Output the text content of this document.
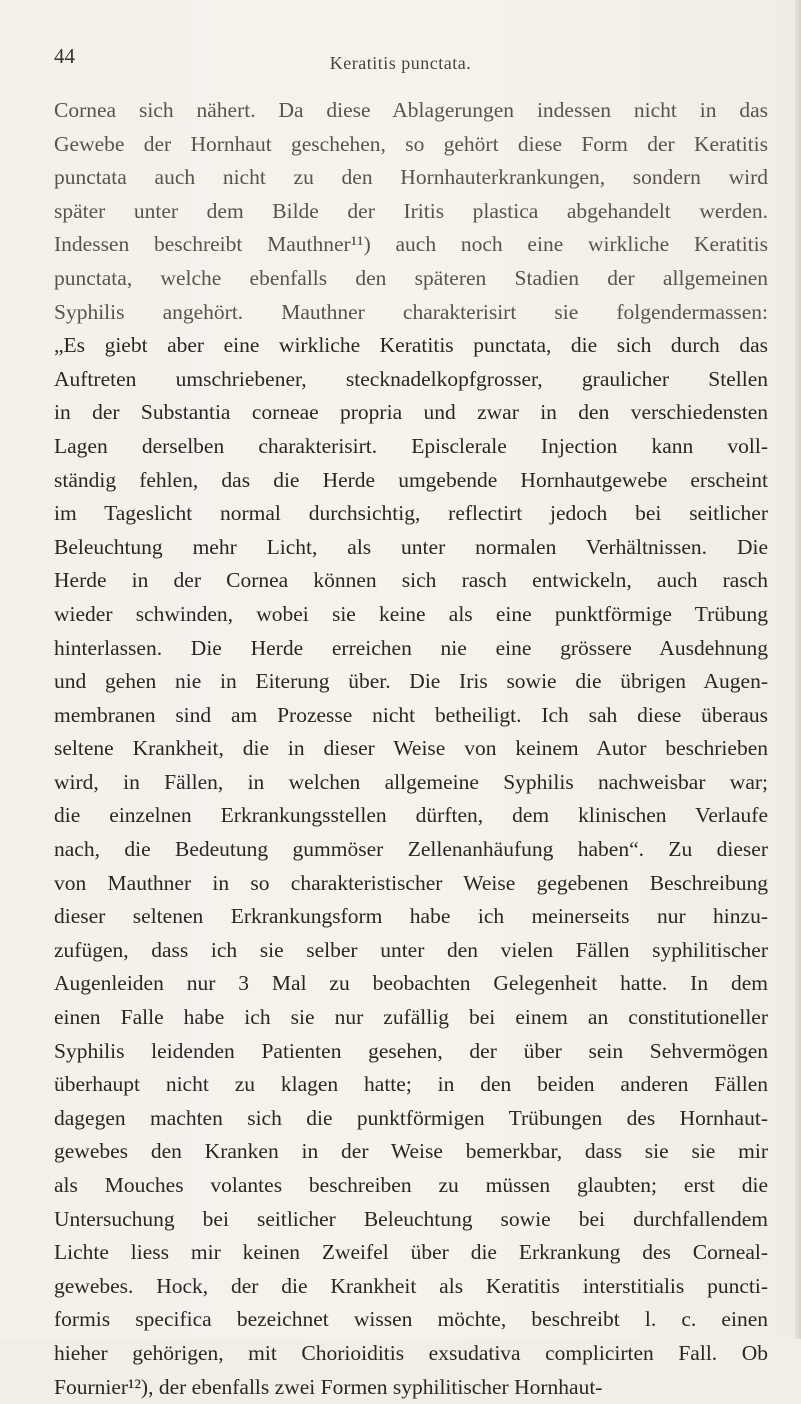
44	Keratitis punctata.
Cornea sich nähert. Da diese Ablagerungen indessen nicht in das
Gewebe der Hornhaut geschehen, so gehört diese Form der Keratitis
punctata auch nicht zu den Hornhauterkrankungen, sondern wird
später unter dem Bilde der Iritis plastica abgehandelt werden.
Indessen beschreibt Mauthner¹¹) auch noch eine wirkliche Keratitis
punctata, welche ebenfalls den späteren Stadien der allgemeinen
Syphilis angehört. Mauthner charakterisirt sie folgendermassen:
„Es giebt aber eine wirkliche Keratitis punctata, die sich durch das
Auftreten umschriebener, stecknadelkopfgrosser, graulicher Stellen
in der Substantia corneae propria und zwar in den verschiedensten
Lagen derselben charakterisirt. Episclerale Injection kann voll-
ständig fehlen, das die Herde umgebende Hornhautgewebe erscheint
im Tageslicht normal durchsichtig, reflectirt jedoch bei seitlicher
Beleuchtung mehr Licht, als unter normalen Verhältnissen. Die
Herde in der Cornea können sich rasch entwickeln, auch rasch
wieder schwinden, wobei sie keine als eine punktförmige Trübung
hinterlassen. Die Herde erreichen nie eine grössere Ausdehnung
und gehen nie in Eiterung über. Die Iris sowie die übrigen Augen-
membranen sind am Prozesse nicht betheiligt. Ich sah diese überaus
seltene Krankheit, die in dieser Weise von keinem Autor beschrieben
wird, in Fällen, in welchen allgemeine Syphilis nachweisbar war;
die einzelnen Erkrankungsstellen dürften, dem klinischen Verlaufe
nach, die Bedeutung gummöser Zellenanhäufung haben“. Zu dieser
von Mauthner in so charakteristischer Weise gegebenen Beschreibung
dieser seltenen Erkrankungsform habe ich meinerseits nur hinzu-
zufügen, dass ich sie selber unter den vielen Fällen syphilitischer
Augenleiden nur 3 Mal zu beobachten Gelegenheit hatte. In dem
einen Falle habe ich sie nur zufällig bei einem an constitutioneller
Syphilis leidenden Patienten gesehen, der über sein Sehvermögen
überhaupt nicht zu klagen hatte; in den beiden anderen Fällen
dagegen machten sich die punktförmigen Trübungen des Hornhaut-
gewebes den Kranken in der Weise bemerkbar, dass sie sie mir
als Mouches volantes beschreiben zu müssen glaubten; erst die
Untersuchung bei seitlicher Beleuchtung sowie bei durchfallendem
Lichte liess mir keinen Zweifel über die Erkrankung des Corneal-
gewebes. Hock, der die Krankheit als Keratitis interstitialis puncti-
formis specifica bezeichnet wissen möchte, beschreibt l. c. einen
hieher gehörigen, mit Chorioiditis exsudativa complicirten Fall. Ob
Fournier¹²), der ebenfalls zwei Formen syphilitischer Hornhaut-
